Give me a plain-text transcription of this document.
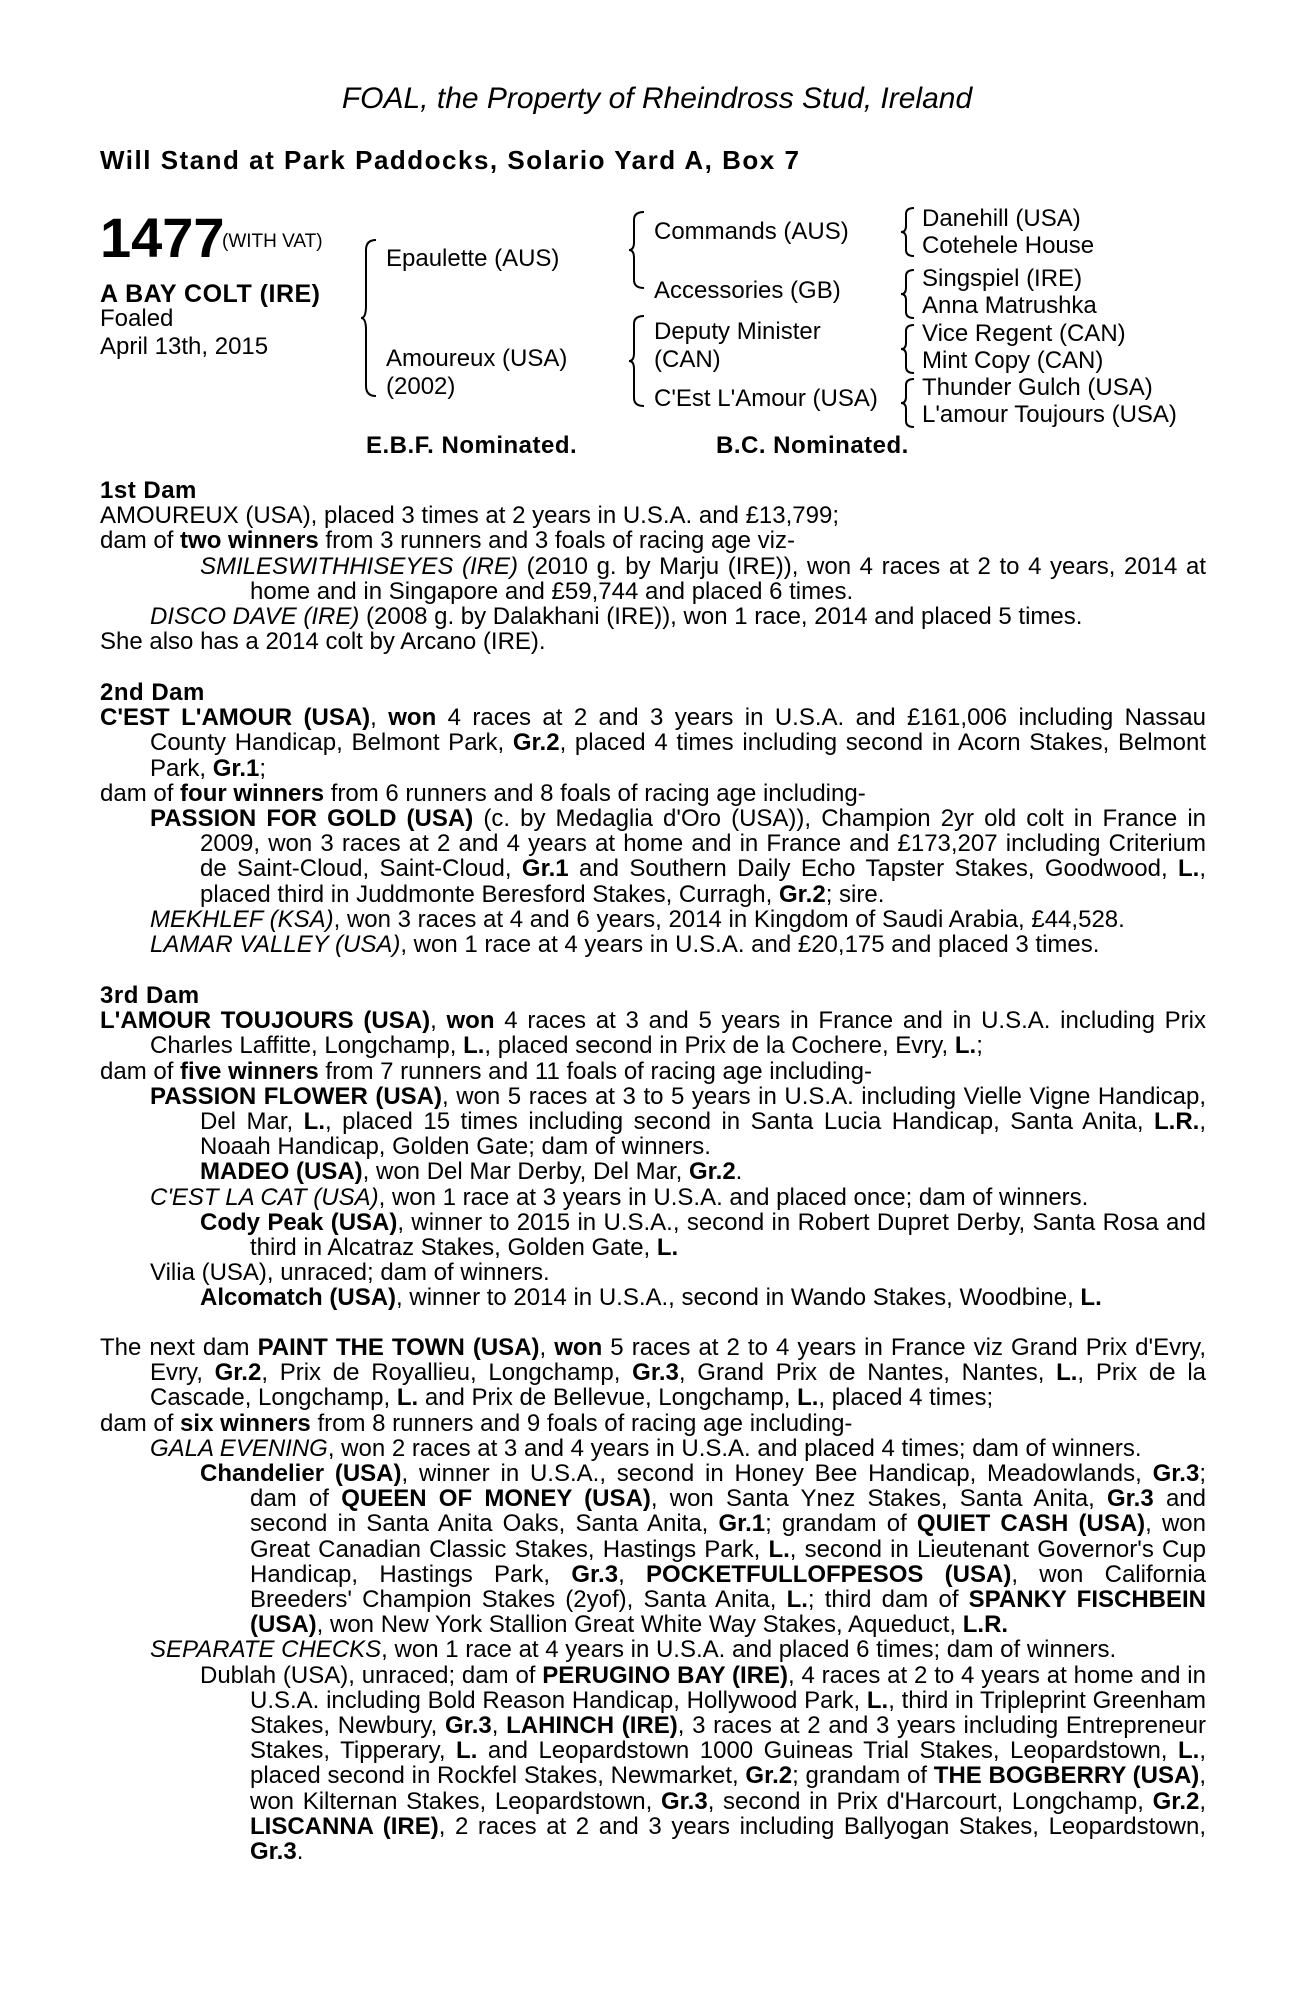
FOAL, the Property of Rheindross Stud, Ireland
Will Stand at Park Paddocks, Solario Yard A, Box 7
1477
(WITH VAT)
A BAY COLT (IRE)
Foaled
April 13th, 2015
Epaulette (AUS)
Amoureux (USA)
(2002)
Commands (AUS)
Accessories (GB)
Deputy Minister
(CAN)
C'Est L'Amour (USA)
Danehill (USA)
Cotehele House
Singspiel (IRE)
Anna Matrushka
Vice Regent (CAN)
Mint Copy (CAN)
Thunder Gulch (USA)
L'amour Toujours (USA)
E.B.F. Nominated.	B.C. Nominated.

1st Dam

AMOUREUX (USA), placed 3 times at 2 years in U.S.A. and £13,799;

dam of two winners from 3 runners and 3 foals of racing age viz-

SMILESWITHHISEYES (IRE) (2010 g. by Marju (IRE)), won 4 races at 2 to 4 years, 2014 at home and in Singapore and £59,744 and placed 6 times.

DISCO DAVE (IRE) (2008 g. by Dalakhani (IRE)), won 1 race, 2014 and placed 5 times.

She also has a 2014 colt by Arcano (IRE).

2nd Dam

C'EST L'AMOUR (USA), won 4 races at 2 and 3 years in U.S.A. and £161,006 including Nassau County Handicap, Belmont Park, Gr.2, placed 4 times including second in Acorn Stakes, Belmont Park, Gr.1;

dam of four winners from 6 runners and 8 foals of racing age including-

PASSION FOR GOLD (USA) (c. by Medaglia d'Oro (USA)), Champion 2yr old colt in France in 2009, won 3 races at 2 and 4 years at home and in France and £173,207 including Criterium de Saint-Cloud, Saint-Cloud, Gr.1 and Southern Daily Echo Tapster Stakes, Goodwood, L., placed third in Juddmonte Beresford Stakes, Curragh, Gr.2; sire.

MEKHLEF (KSA), won 3 races at 4 and 6 years, 2014 in Kingdom of Saudi Arabia, £44,528.

LAMAR VALLEY (USA), won 1 race at 4 years in U.S.A. and £20,175 and placed 3 times.

3rd Dam

L'AMOUR TOUJOURS (USA), won 4 races at 3 and 5 years in France and in U.S.A. including Prix Charles Laffitte, Longchamp, L., placed second in Prix de la Cochere, Evry, L.;

dam of five winners from 7 runners and 11 foals of racing age including-

PASSION FLOWER (USA), won 5 races at 3 to 5 years in U.S.A. including Vielle Vigne Handicap, Del Mar, L., placed 15 times including second in Santa Lucia Handicap, Santa Anita, L.R., Noaah Handicap, Golden Gate; dam of winners.

MADEO (USA), won Del Mar Derby, Del Mar, Gr.2.

C'EST LA CAT (USA), won 1 race at 3 years in U.S.A. and placed once; dam of winners.

Cody Peak (USA), winner to 2015 in U.S.A., second in Robert Dupret Derby, Santa Rosa and third in Alcatraz Stakes, Golden Gate, L.

Vilia (USA), unraced; dam of winners.

Alcomatch (USA), winner to 2014 in U.S.A., second in Wando Stakes, Woodbine, L.

The next dam PAINT THE TOWN (USA), won 5 races at 2 to 4 years in France viz Grand Prix d'Evry, Evry, Gr.2, Prix de Royallieu, Longchamp, Gr.3, Grand Prix de Nantes, Nantes, L., Prix de la Cascade, Longchamp, L. and Prix de Bellevue, Longchamp, L., placed 4 times;

dam of six winners from 8 runners and 9 foals of racing age including-

GALA EVENING, won 2 races at 3 and 4 years in U.S.A. and placed 4 times; dam of winners.

Chandelier (USA), winner in U.S.A., second in Honey Bee Handicap, Meadowlands, Gr.3; dam of QUEEN OF MONEY (USA), won Santa Ynez Stakes, Santa Anita, Gr.3 and second in Santa Anita Oaks, Santa Anita, Gr.1; grandam of QUIET CASH (USA), won Great Canadian Classic Stakes, Hastings Park, L., second in Lieutenant Governor's Cup Handicap, Hastings Park, Gr.3, POCKETFULLOFPESOS (USA), won California Breeders' Champion Stakes (2yof), Santa Anita, L.; third dam of SPANKY FISCHBEIN (USA), won New York Stallion Great White Way Stakes, Aqueduct, L.R.

SEPARATE CHECKS, won 1 race at 4 years in U.S.A. and placed 6 times; dam of winners.

Dublah (USA), unraced; dam of PERUGINO BAY (IRE), 4 races at 2 to 4 years at home and in U.S.A. including Bold Reason Handicap, Hollywood Park, L., third in Tripleprint Greenham Stakes, Newbury, Gr.3, LAHINCH (IRE), 3 races at 2 and 3 years including Entrepreneur Stakes, Tipperary, L. and Leopardstown 1000 Guineas Trial Stakes, Leopardstown, L., placed second in Rockfel Stakes, Newmarket, Gr.2; grandam of THE BOGBERRY (USA), won Kilternan Stakes, Leopardstown, Gr.3, second in Prix d'Harcourt, Longchamp, Gr.2, LISCANNA (IRE), 2 races at 2 and 3 years including Ballyogan Stakes, Leopardstown, Gr.3.
